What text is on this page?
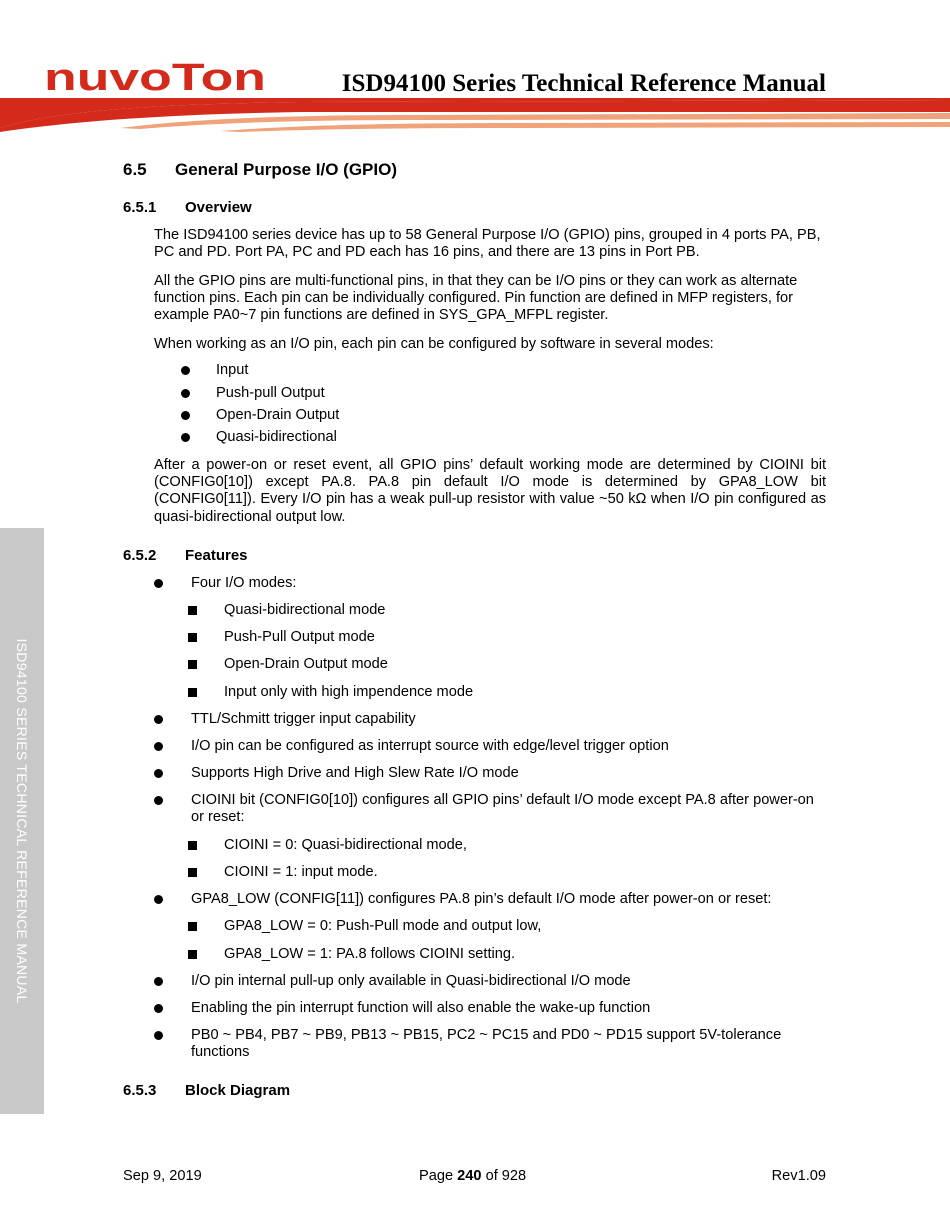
nuvoTon	ISD94100 Series Technical Reference Manual
ISD94100 SERIES TECHNICAL REFERENCE MANUAL
6.5 General Purpose I/O (GPIO)
6.5.1 Overview
The ISD94100 series device has up to 58 General Purpose I/O (GPIO) pins, grouped in 4 ports PA, PB, PC and PD. Port PA, PC and PD each has 16 pins, and there are 13 pins in Port PB.
All the GPIO pins are multi-functional pins, in that they can be I/O pins or they can work as alternate function pins. Each pin can be individually configured. Pin function are defined in MFP registers, for example PA0~7 pin functions are defined in SYS_GPA_MFPL register.
When working as an I/O pin, each pin can be configured by software in several modes:
Input
Push-pull Output
Open-Drain Output
Quasi-bidirectional
After a power-on or reset event, all GPIO pins’ default working mode are determined by CIOINI bit (CONFIG0[10]) except PA.8. PA.8 pin default I/O mode is determined by GPA8_LOW bit (CONFIG0[11]). Every I/O pin has a weak pull-up resistor with value ~50 kΩ when I/O pin configured as quasi-bidirectional output low.
6.5.2 Features
Four I/O modes:
Quasi-bidirectional mode
Push-Pull Output mode
Open-Drain Output mode
Input only with high impendence mode
TTL/Schmitt trigger input capability
I/O pin can be configured as interrupt source with edge/level trigger option
Supports High Drive and High Slew Rate I/O mode
CIOINI bit (CONFIG0[10]) configures all GPIO pins’ default I/O mode except PA.8 after power-on or reset:
CIOINI = 0: Quasi-bidirectional mode,
CIOINI = 1: input mode.
GPA8_LOW (CONFIG[11]) configures PA.8 pin’s default I/O mode after power-on or reset:
GPA8_LOW = 0: Push-Pull mode and output low,
GPA8_LOW = 1: PA.8 follows CIOINI setting.
I/O pin internal pull-up only available in Quasi-bidirectional I/O mode
Enabling the pin interrupt function will also enable the wake-up function
PB0 ~ PB4, PB7 ~ PB9, PB13 ~ PB15, PC2 ~ PC15 and PD0 ~ PD15 support 5V-tolerance functions
6.5.3 Block Diagram
Sep 9, 2019	Page 240 of 928	Rev1.09
